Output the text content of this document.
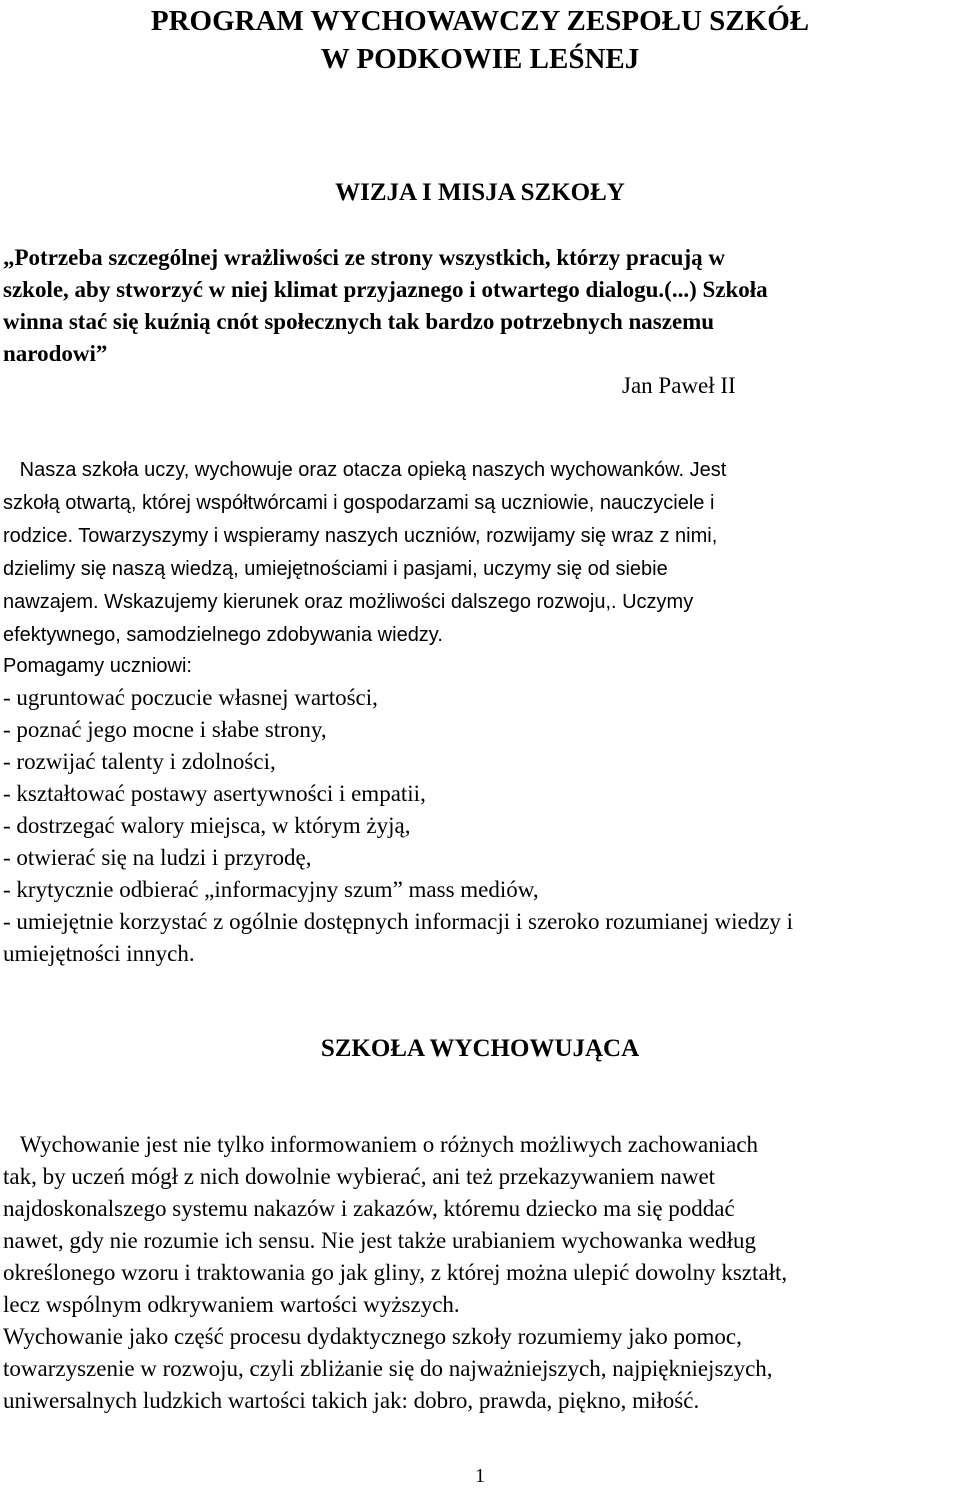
PROGRAM WYCHOWAWCZY ZESPOŁU SZKÓŁ
W PODKOWIE LEŚNEJ
WIZJA I MISJA SZKOŁY

„Potrzeba szczególnej wrażliwości ze strony wszystkich, którzy pracują w

szkole, aby stworzyć w niej klimat przyjaznego i otwartego dialogu.(...) Szkoła

winna stać się kuźnią cnót społecznych tak bardzo potrzebnych naszemu

narodowi”

Jan Paweł II

Nasza szkoła uczy, wychowuje oraz otacza opieką naszych wychowanków. Jest

szkołą otwartą, której współtwórcami i gospodarzami są uczniowie, nauczyciele i

rodzice. Towarzyszymy i wspieramy naszych uczniów, rozwijamy się wraz z nimi,

dzielimy się naszą wiedzą, umiejętnościami i pasjami, uczymy się od siebie

nawzajem. Wskazujemy kierunek oraz możliwości dalszego rozwoju,. Uczymy

efektywnego, samodzielnego zdobywania wiedzy.

Pomagamy uczniowi:

- ugruntować poczucie własnej wartości,

- poznać jego mocne i słabe strony,

- rozwijać talenty i zdolności,

- kształtować postawy asertywności i empatii,

- dostrzegać walory miejsca, w którym żyją,

- otwierać się na ludzi i przyrodę,

- krytycznie odbierać „informacyjny szum” mass mediów,

- umiejętnie korzystać z ogólnie dostępnych informacji i szeroko rozumianej wiedzy i

umiejętności innych.

SZKOŁA WYCHOWUJĄCA

Wychowanie jest nie tylko informowaniem o różnych możliwych zachowaniach

tak, by uczeń mógł z nich dowolnie wybierać, ani też przekazywaniem nawet

najdoskonalszego systemu nakazów i zakazów, któremu dziecko ma się poddać

nawet, gdy nie rozumie ich sensu. Nie jest także urabianiem wychowanka według

określonego wzoru i traktowania go jak gliny, z której można ulepić dowolny kształt,

lecz wspólnym odkrywaniem wartości wyższych.

Wychowanie jako część procesu dydaktycznego szkoły rozumiemy jako pomoc,

towarzyszenie w rozwoju, czyli zbliżanie się do najważniejszych, najpiękniejszych,

uniwersalnych ludzkich wartości takich jak: dobro, prawda, piękno, miłość.

1
